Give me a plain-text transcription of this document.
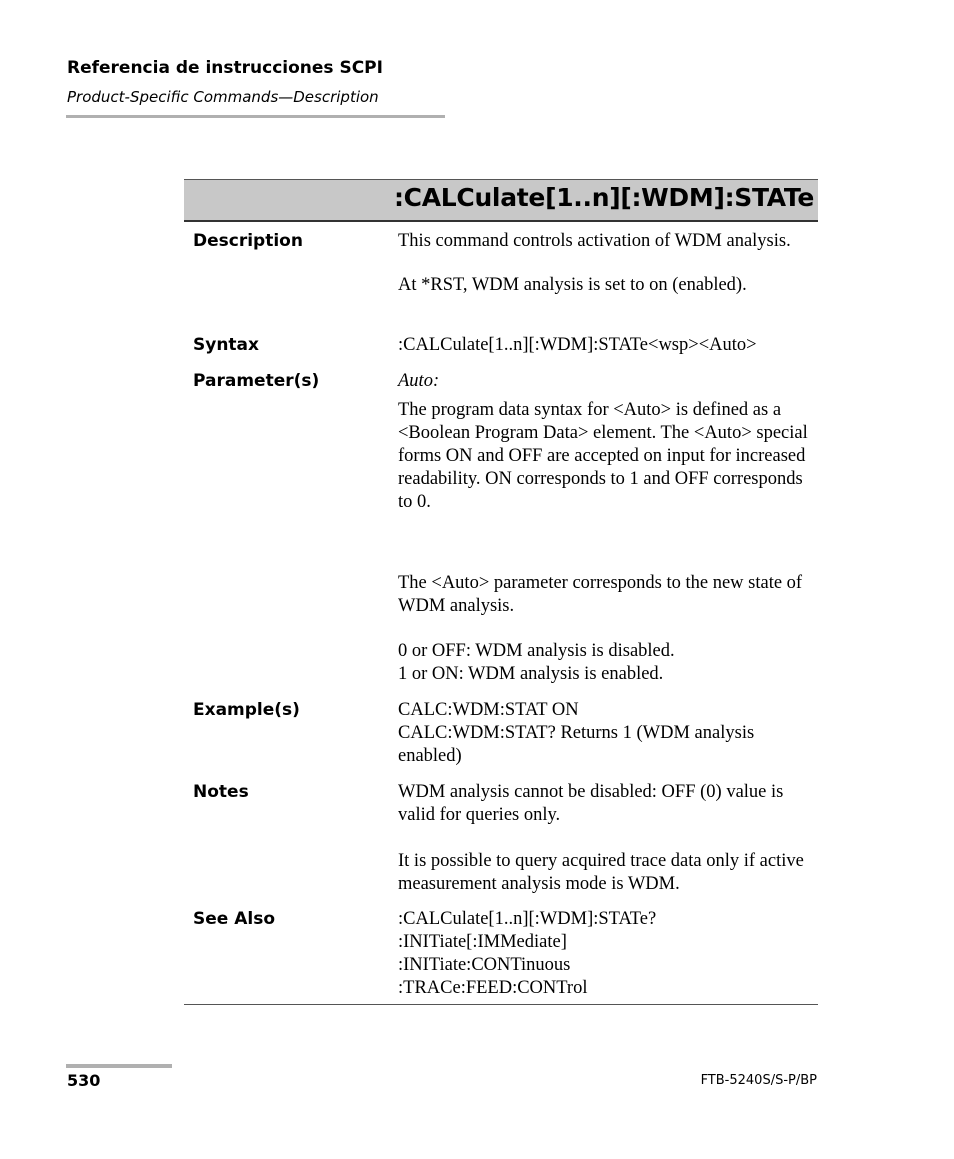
Referencia de instrucciones SCPI
Product-Specific Commands—Description
:CALCulate[1..n][:WDM]:STATe
Description	This command controls activation of WDM analysis.

At *RST, WDM analysis is set to on (enabled).

Syntax	:CALCulate[1..n][:WDM]:STATe<wsp><Auto>
Parameter(s)	Auto:

The program data syntax for <Auto> is defined as a <Boolean Program Data> element. The <Auto> special forms ON and OFF are accepted on input for increased readability. ON corresponds to 1 and OFF corresponds to 0.

The <Auto> parameter corresponds to the new state of WDM analysis.

0 or OFF: WDM analysis is disabled.

1 or ON: WDM analysis is enabled.

Example(s)	CALC:WDM:STAT ON

CALC:WDM:STAT? Returns 1 (WDM analysis enabled)

Notes	WDM analysis cannot be disabled: OFF (0) value is valid for queries only.

It is possible to query acquired trace data only if active measurement analysis mode is WDM.

See Also	:CALCulate[1..n][:WDM]:STATe?

:INITiate[:IMMediate]

:INITiate:CONTinuous

:TRACe:FEED:CONTrol

530	FTB-5240S/S-P/BP
